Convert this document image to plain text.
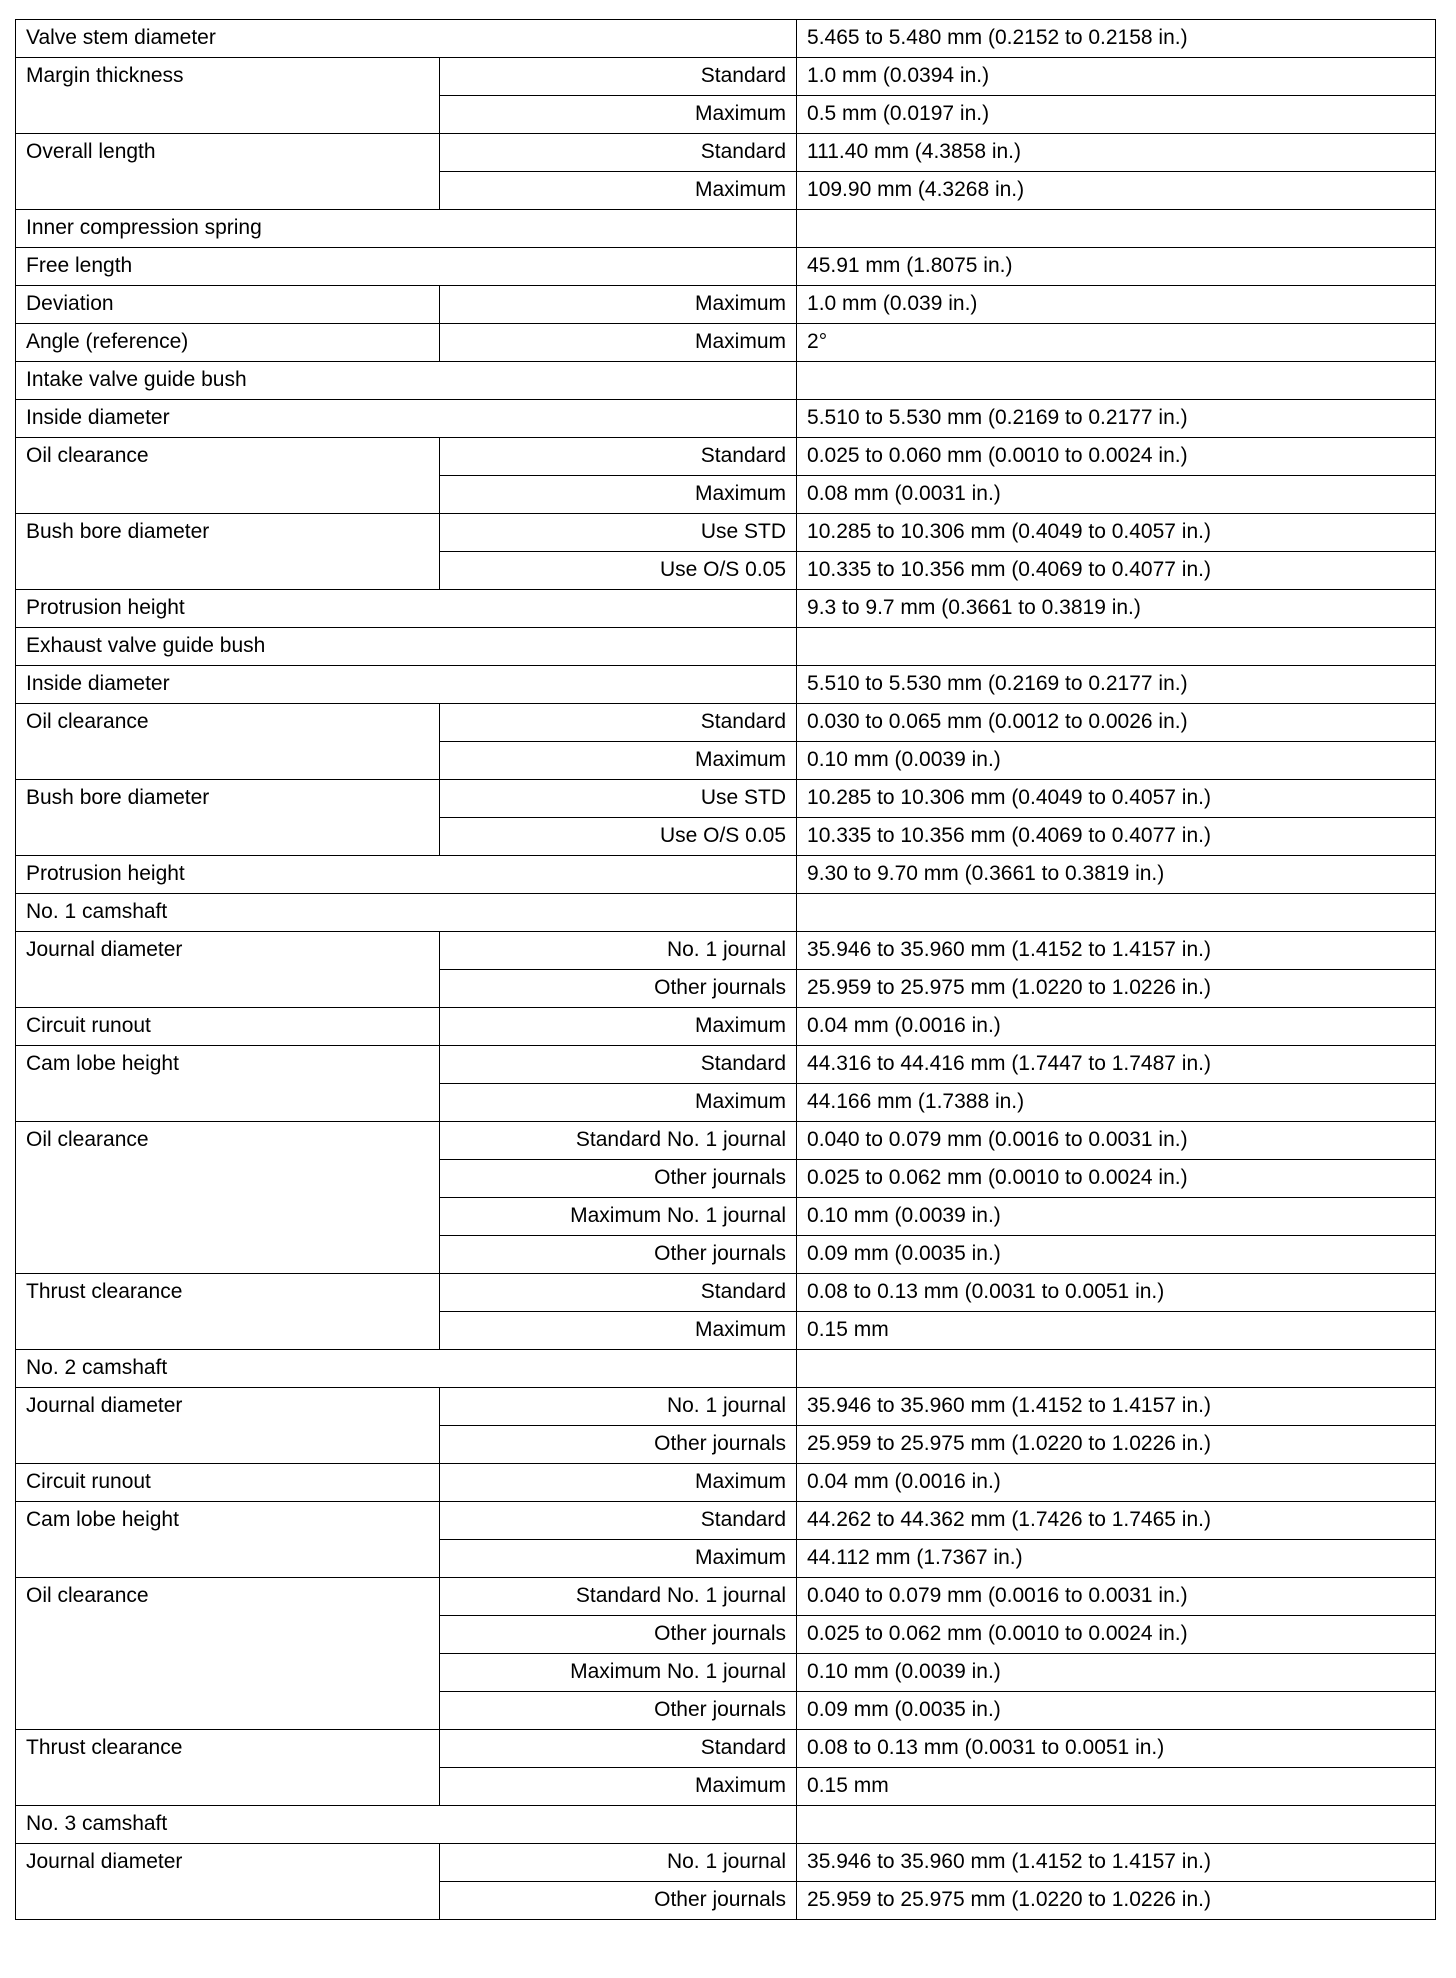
Valve stem diameter		5.465 to 5.480 mm (0.2152 to 0.2158 in.)
Margin thickness	Standard	1.0 mm (0.0394 in.)
	Maximum	0.5 mm (0.0197 in.)
Overall length	Standard	111.40 mm (4.3858 in.)
	Maximum	109.90 mm (4.3268 in.)
Inner compression spring		
Free length		45.91 mm (1.8075 in.)
Deviation	Maximum	1.0 mm (0.039 in.)
Angle (reference)	Maximum	2°
Intake valve guide bush		
Inside diameter		5.510 to 5.530 mm (0.2169 to 0.2177 in.)
Oil clearance	Standard	0.025 to 0.060 mm (0.0010 to 0.0024 in.)
	Maximum	0.08 mm (0.0031 in.)
Bush bore diameter	Use STD	10.285 to 10.306 mm (0.4049 to 0.4057 in.)
	Use O/S 0.05	10.335 to 10.356 mm (0.4069 to 0.4077 in.)
Protrusion height		9.3 to 9.7 mm (0.3661 to 0.3819 in.)
Exhaust valve guide bush		
Inside diameter		5.510 to 5.530 mm (0.2169 to 0.2177 in.)
Oil clearance	Standard	0.030 to 0.065 mm (0.0012 to 0.0026 in.)
	Maximum	0.10 mm (0.0039 in.)
Bush bore diameter	Use STD	10.285 to 10.306 mm (0.4049 to 0.4057 in.)
	Use O/S 0.05	10.335 to 10.356 mm (0.4069 to 0.4077 in.)
Protrusion height		9.30 to 9.70 mm (0.3661 to 0.3819 in.)
No. 1 camshaft		
Journal diameter	No. 1 journal	35.946 to 35.960 mm (1.4152 to 1.4157 in.)
	Other journals	25.959 to 25.975 mm (1.0220 to 1.0226 in.)
Circuit runout	Maximum	0.04 mm (0.0016 in.)
Cam lobe height	Standard	44.316 to 44.416 mm (1.7447 to 1.7487 in.)
	Maximum	44.166 mm (1.7388 in.)
Oil clearance	Standard No. 1 journal	0.040 to 0.079 mm (0.0016 to 0.0031 in.)
	Other journals	0.025 to 0.062 mm (0.0010 to 0.0024 in.)
	Maximum No. 1 journal	0.10 mm (0.0039 in.)
	Other journals	0.09 mm (0.0035 in.)
Thrust clearance	Standard	0.08 to 0.13 mm (0.0031 to 0.0051 in.)
	Maximum	0.15 mm
No. 2 camshaft		
Journal diameter	No. 1 journal	35.946 to 35.960 mm (1.4152 to 1.4157 in.)
	Other journals	25.959 to 25.975 mm (1.0220 to 1.0226 in.)
Circuit runout	Maximum	0.04 mm (0.0016 in.)
Cam lobe height	Standard	44.262 to 44.362 mm (1.7426 to 1.7465 in.)
	Maximum	44.112 mm (1.7367 in.)
Oil clearance	Standard No. 1 journal	0.040 to 0.079 mm (0.0016 to 0.0031 in.)
	Other journals	0.025 to 0.062 mm (0.0010 to 0.0024 in.)
	Maximum No. 1 journal	0.10 mm (0.0039 in.)
	Other journals	0.09 mm (0.0035 in.)
Thrust clearance	Standard	0.08 to 0.13 mm (0.0031 to 0.0051 in.)
	Maximum	0.15 mm
No. 3 camshaft		
Journal diameter	No. 1 journal	35.946 to 35.960 mm (1.4152 to 1.4157 in.)
	Other journals	25.959 to 25.975 mm (1.0220 to 1.0226 in.)
